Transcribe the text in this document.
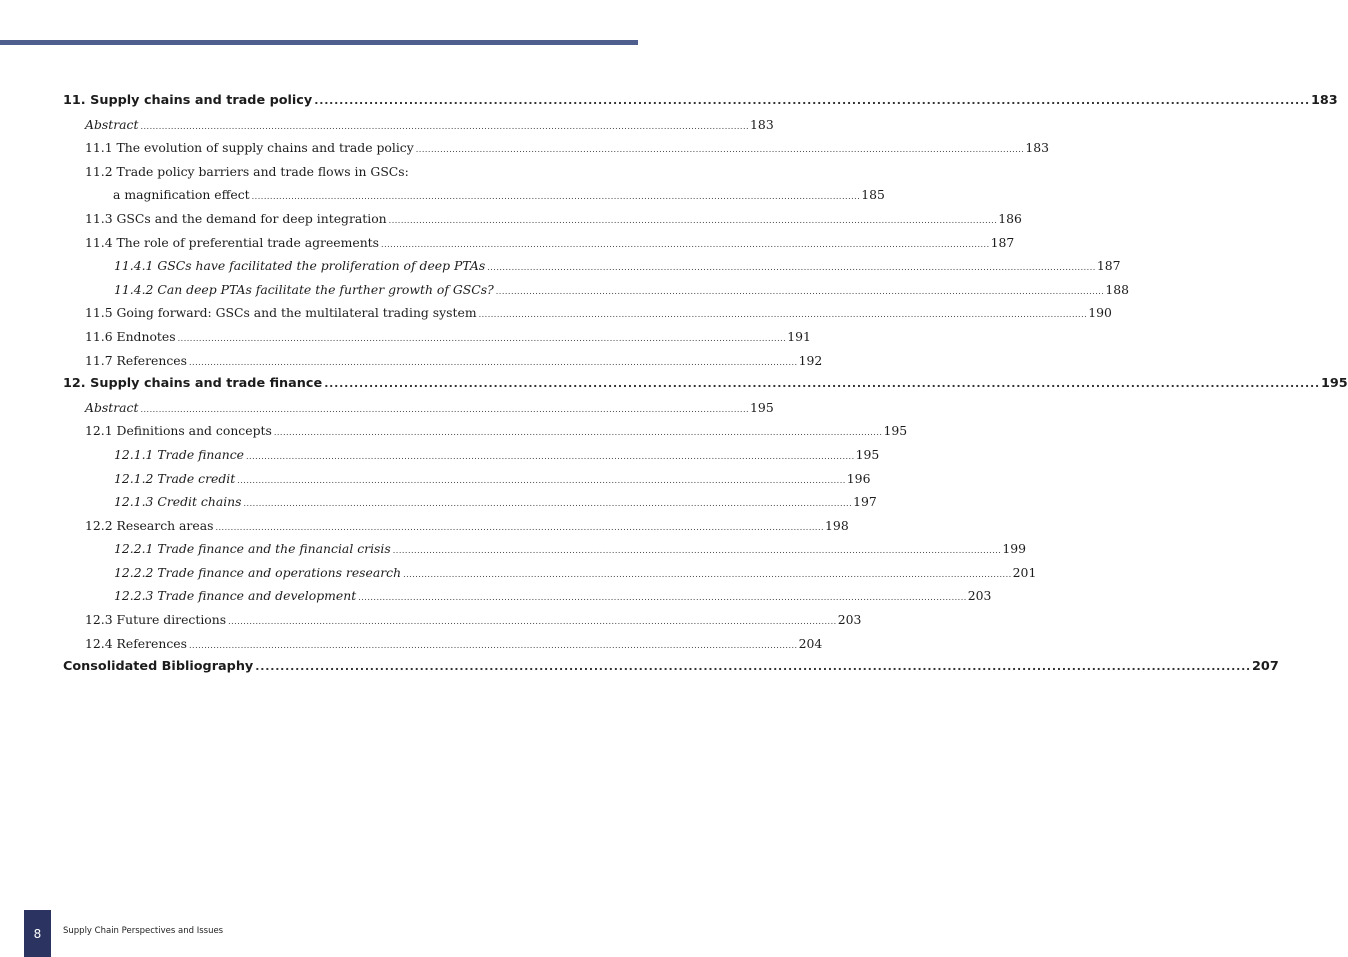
11. Supply chains and trade policy ........................................................................................................................................................................................................ 183
Abstract ........................................................................................................................................................................................................ 183
11.1 The evolution of supply chains and trade policy ........................................................................................................................................................................................................ 183
11.2 Trade policy barriers and trade flows in GSCs:
a magnification effect ........................................................................................................................................................................................................ 185
11.3 GSCs and the demand for deep integration ........................................................................................................................................................................................................ 186
11.4 The role of preferential trade agreements ........................................................................................................................................................................................................ 187
11.4.1 GSCs have facilitated the proliferation of deep PTAs ........................................................................................................................................................................................................ 187
11.4.2 Can deep PTAs facilitate the further growth of GSCs? ........................................................................................................................................................................................................ 188
11.5 Going forward: GSCs and the multilateral trading system ........................................................................................................................................................................................................ 190
11.6 Endnotes ........................................................................................................................................................................................................ 191
11.7 References ........................................................................................................................................................................................................ 192
12. Supply chains and trade finance ........................................................................................................................................................................................................ 195
Abstract ........................................................................................................................................................................................................ 195
12.1 Definitions and concepts ........................................................................................................................................................................................................ 195
12.1.1 Trade finance ........................................................................................................................................................................................................ 195
12.1.2 Trade credit ........................................................................................................................................................................................................ 196
12.1.3 Credit chains ........................................................................................................................................................................................................ 197
12.2 Research areas ........................................................................................................................................................................................................ 198
12.2.1 Trade finance and the financial crisis ........................................................................................................................................................................................................ 199
12.2.2 Trade finance and operations research ........................................................................................................................................................................................................ 201
12.2.3 Trade finance and development ........................................................................................................................................................................................................ 203
12.3 Future directions ........................................................................................................................................................................................................ 203
12.4 References ........................................................................................................................................................................................................ 204
Consolidated Bibliography ........................................................................................................................................................................................................ 207
8	Supply Chain Perspectives and Issues
